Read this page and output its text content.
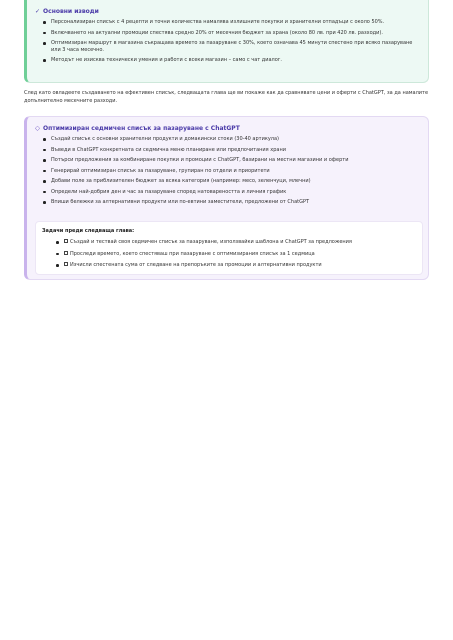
✓ Основни изводи
Персонализиран списък с 4 рецепти и точни количества намалява излишните покупки и хранителни отпадъци с около 50%.
Включването на актуални промоции спестява средно 20% от месечния бюджет за храна (около 80 лв. при 420 лв. разходи).
Оптимизиран маршрут в магазина съкращава времето за пазаруване с 30%, което означава 45 минути спестено при всяко пазаруване или 3 часа месечно.
Методът не изисква технически умения и работи с всеки магазин – само с чат диалог.

След като овладеете създаването на ефективен списък, следващата глава ще ви покаже как да сравнявате цени и оферти с ChatGPT, за да намалите допълнително месечните разходи.

◇ Оптимизиран седмичен списък за пазаруване с ChatGPT
Създай списък с основни хранителни продукти и домакински стоки (30-40 артикула)
Въведи в ChatGPT конкретната си седмична меню планиране или предпочитания храни
Потърси предложения за комбиниране покупки и промоции с ChatGPT, базирани на местни магазини и оферти
Генерирай оптимизиран списък за пазаруване, групиран по отдели и приоритети
Добави поле за приблизителен бюджет за всяка категория (например: месо, зеленчуци, млечни)
Определи най-добрия ден и час за пазаруване според натовареността и личния график
Впиши бележки за алтернативни продукти или по-евтини заместители, предложени от ChatGPT
Задачи преди следваща глава:
Създай и тествай своя седмичен списък за пазаруване, използвайки шаблона и ChatGPT за предложения
Проследи времето, което спестяваш при пазаруване с оптимизирания списък за 1 седмица
Изчисли спестената сума от следване на препоръките за промоции и алтернативни продукти
